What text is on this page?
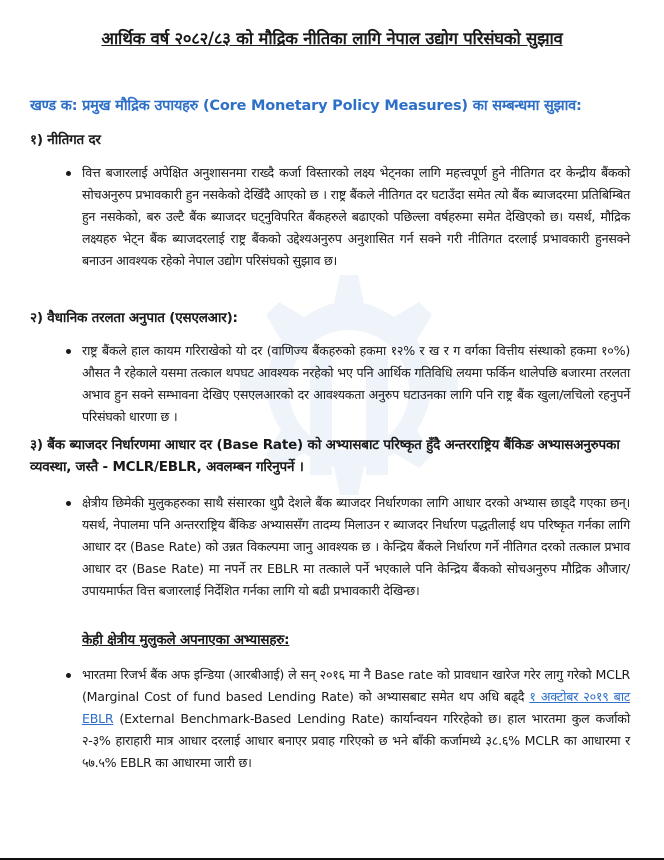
आर्थिक वर्ष २०८२/८३ को मौद्रिक नीतिका लागि नेपाल उद्योग परिसंघको सुझाव
खण्ड क: प्रमुख मौद्रिक उपायहरु (Core Monetary Policy Measures) का सम्बन्धमा सुझाव:
१) नीतिगत दर
वित्त बजारलाई अपेक्षित अनुशासनमा राख्दै कर्जा विस्तारको लक्ष्य भेट्नका लागि महत्त्वपूर्ण हुने नीतिगत दर केन्द्रीय बैंकको सोचअनुरुप प्रभावकारी हुन नसकेको देखिँदै आएको छ । राष्ट्र बैंकले नीतिगत दर घटाउँदा समेत त्यो बैंक ब्याजदरमा प्रतिबिम्बित हुन नसकेको, बरु उल्टै बैंक ब्याजदर घट्नुविपरित बैंकहरुले बढाएको पछिल्ला वर्षहरुमा समेत देखिएको छ। यसर्थ, मौद्रिक लक्ष्यहरु भेट्न बैंक ब्याजदरलाई राष्ट्र बैंकको उद्देश्यअनुरुप अनुशासित गर्न सक्ने गरी नीतिगत दरलाई प्रभावकारी हुनसक्ने बनाउन आवश्यक रहेको नेपाल उद्योग परिसंघको सुझाव छ।
२) वैधानिक तरलता अनुपात (एसएलआर):
राष्ट्र बैंकले हाल कायम गरिराखेको यो दर (वाणिज्य बैंकहरुको हकमा १२% र ख र ग वर्गका वित्तीय संस्थाको हकमा १०%) औसत नै रहेकाले यसमा तत्काल थपघट आवश्यक नरहेको भए पनि आर्थिक गतिविधि लयमा फर्किन थालेपछि बजारमा तरलता अभाव हुन सक्ने सम्भावना देखिए एसएलआरको दर आवश्यकता अनुरुप घटाउनका लागि पनि राष्ट्र बैंक खुला/लचिलो रहनुपर्ने परिसंघको धारणा छ ।
३) बैंक ब्याजदर निर्धारणमा आधार दर (Base Rate) को अभ्यासबाट परिष्कृत हुँदै अन्तरराष्ट्रिय बैंकिङ अभ्यासअनुरुपका व्यवस्था, जस्तै - MCLR/EBLR, अवलम्बन गरिनुपर्ने ।
क्षेत्रीय छिमेकी मुलुकहरुका साथै संसारका थुप्रै देशले बैंक ब्याजदर निर्धारणका लागि आधार दरको अभ्यास छाड्दै गएका छन्। यसर्थ, नेपालमा पनि अन्तरराष्ट्रिय बैंकिङ अभ्याससँग तादम्य मिलाउन र ब्याजदर निर्धारण पद्धतीलाई थप परिष्कृत गर्नका लागि आधार दर (Base Rate) को उन्नत विकल्पमा जानु आवश्यक छ । केन्द्रिय बैंकले निर्धारण गर्ने नीतिगत दरको तत्काल प्रभाव आधार दर (Base Rate) मा नपर्ने तर EBLR मा तत्काले पर्ने भएकाले पनि केन्द्रिय बैंकको सोचअनुरुप मौद्रिक औजार/उपायमार्फत वित्त बजारलाई निर्देशित गर्नका लागि यो बढी प्रभावकारी देखिन्छ।
केही क्षेत्रीय मुलुकले अपनाएका अभ्यासहरु:
भारतमा रिजर्भ बैंक अफ इन्डिया (आरबीआई) ले सन् २०१६ मा नै Base rate को प्रावधान खारेज गरेर लागु गरेको MCLR (Marginal Cost of fund based Lending Rate) को अभ्यासबाट समेत थप अधि बढ्दै १ अक्टोबर २०१९ बाट EBLR (External Benchmark-Based Lending Rate) कार्यान्वयन गरिरहेको छ। हाल भारतमा कुल कर्जाको २-३% हाराहारी मात्र आधार दरलाई आधार बनाएर प्रवाह गरिएको छ भने बाँकी कर्जामध्ये ३८.६% MCLR का आधारमा र ५७.५% EBLR का आधारमा जारी छ।
